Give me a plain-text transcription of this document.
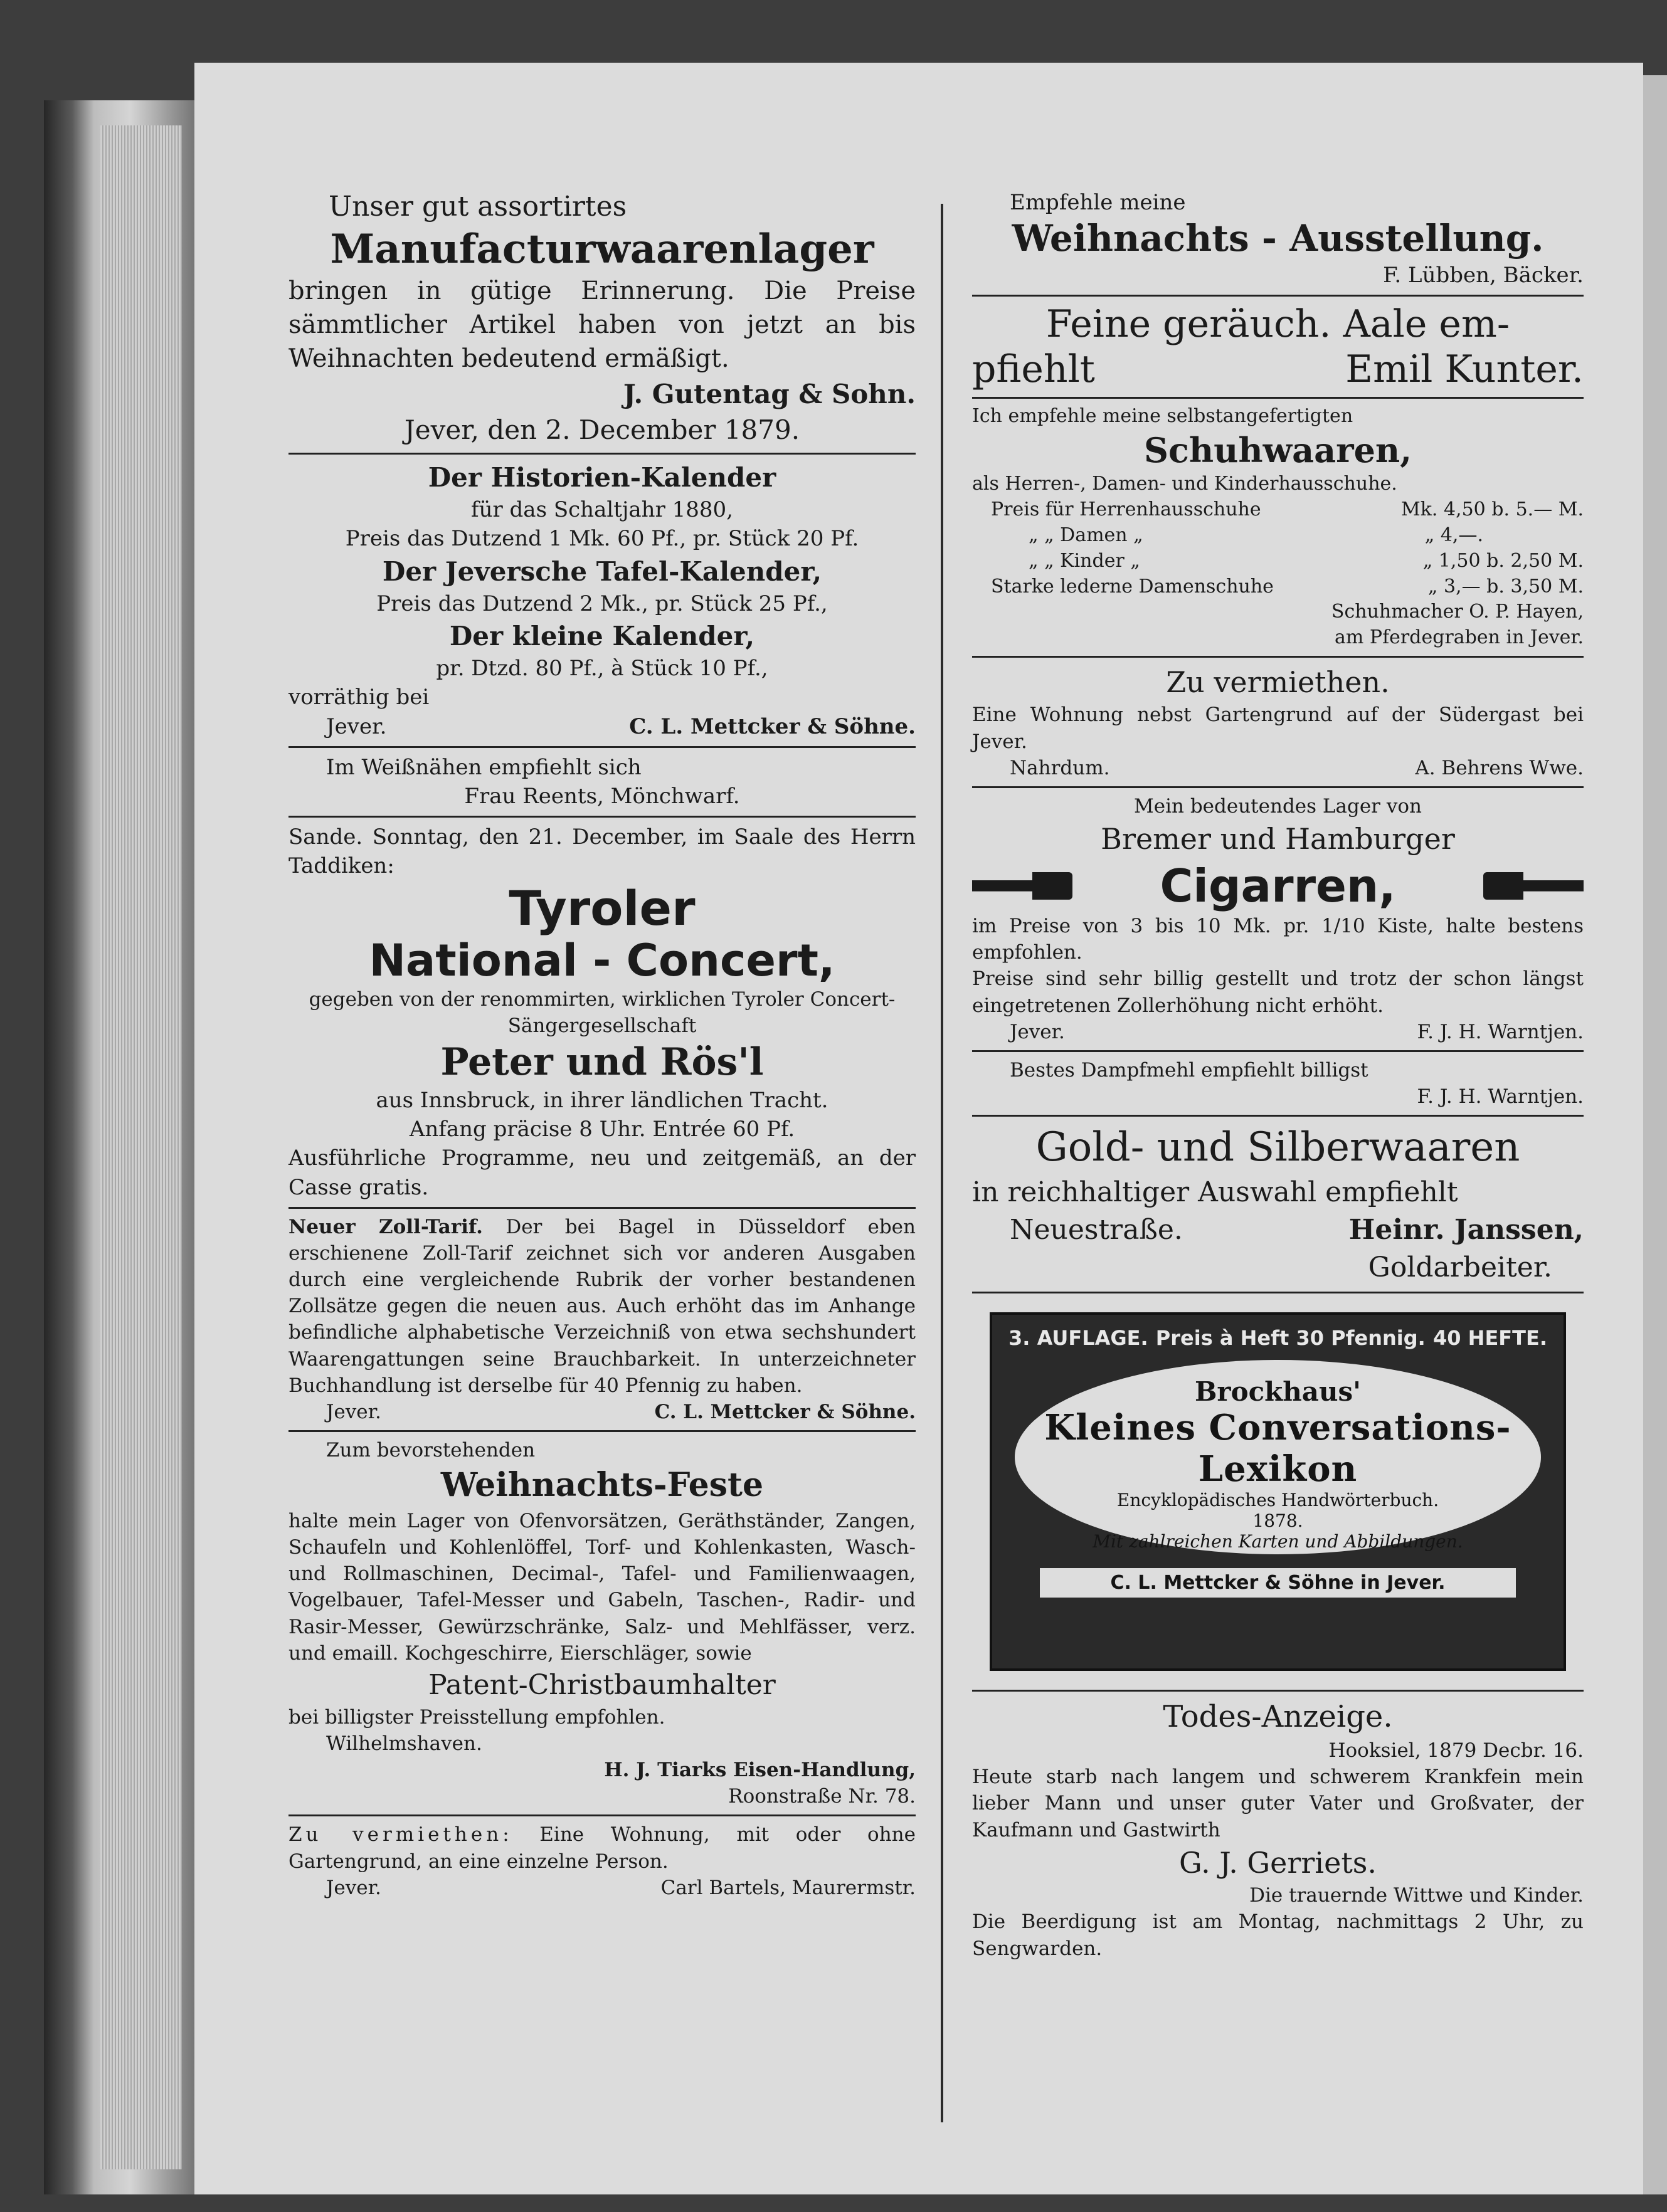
Unser gut assortirtes
Manufacturwaarenlager
bringen in gütige Erinnerung. Die Preise sämmtlicher Artikel haben von jetzt an bis Weihnachten bedeutend ermäßigt.
J. Gutentag & Sohn.
Jever, den 2. December 1879.
Der Historien-Kalender
für das Schaltjahr 1880,
Preis das Dutzend 1 Mk. 60 Pf., pr. Stück 20 Pf.
Der Jeversche Tafel-Kalender,
Preis das Dutzend 2 Mk., pr. Stück 25 Pf.,
Der kleine Kalender,
pr. Dtzd. 80 Pf., à Stück 10 Pf.,
vorräthig bei
Jever.	C. L. Mettcker & Söhne.
Im Weißnähen empfiehlt sich
Frau Reents, Mönchwarf.
Sande. Sonntag, den 21. December, im Saale des Herrn Taddiken:
Tyroler
National - Concert,
gegeben von der renommirten, wirklichen Tyroler Concert-Sängergesellschaft
Peter und Rös'l
aus Innsbruck, in ihrer ländlichen Tracht.
Anfang präcise 8 Uhr. Entrée 60 Pf.
Ausführliche Programme, neu und zeitgemäß, an der Casse gratis.
Neuer Zoll-Tarif. Der bei Bagel in Düsseldorf eben erschienene Zoll-Tarif zeichnet sich vor anderen Ausgaben durch eine vergleichende Rubrik der vorher bestandenen Zollsätze gegen die neuen aus. Auch erhöht das im Anhange befindliche alphabetische Verzeichniß von etwa sechshundert Waarengattungen seine Brauchbarkeit. In unterzeichneter Buchhandlung ist derselbe für 40 Pfennig zu haben.
Jever.	C. L. Mettcker & Söhne.
Zum bevorstehenden
Weihnachts-Feste
halte mein Lager von Ofenvorsätzen, Geräthständer, Zangen, Schaufeln und Kohlenlöffel, Torf- und Kohlenkasten, Wasch- und Rollmaschinen, Decimal-, Tafel- und Familienwaagen, Vogelbauer, Tafel-Messer und Gabeln, Taschen-, Radir- und Rasir-Messer, Gewürzschränke, Salz- und Mehlfässer, verz. und emaill. Kochgeschirre, Eierschläger, sowie
Patent-Christbaumhalter
bei billigster Preisstellung empfohlen.
Wilhelmshaven.
H. J. Tiarks Eisen-Handlung,
Roonstraße Nr. 78.
Zu vermiethen: Eine Wohnung, mit oder ohne Gartengrund, an eine einzelne Person.
Jever.	Carl Bartels, Maurermstr.
Empfehle meine
Weihnachts - Ausstellung.
F. Lübben, Bäcker.
Feine geräuch. Aale em-
pfiehlt	Emil Kunter.
Ich empfehle meine selbstangefertigten
Schuhwaaren,
als Herren-, Damen- und Kinderhausschuhe.
Preis für Herrenhausschuhe	Mk. 4,50 b. 5.— M.
„ „ Damen „	„ 4,—.
„ „ Kinder „	„ 1,50 b. 2,50 M.
Starke lederne Damenschuhe	„ 3,— b. 3,50 M.
Schuhmacher O. P. Hayen,
am Pferdegraben in Jever.
Zu vermiethen.
Eine Wohnung nebst Gartengrund auf der Südergast bei Jever.
Nahrdum.	A. Behrens Wwe.
Mein bedeutendes Lager von
Bremer und Hamburger
Cigarren,
im Preise von 3 bis 10 Mk. pr. 1/10 Kiste, halte bestens empfohlen.
Preise sind sehr billig gestellt und trotz der schon längst eingetretenen Zollerhöhung nicht erhöht.
Jever.	F. J. H. Warntjen.
Bestes Dampfmehl empfiehlt billigst
F. J. H. Warntjen.
Gold- und Silberwaaren
in reichhaltiger Auswahl empfiehlt
Neuestraße.	Heinr. Janssen,
Goldarbeiter.
3. AUFLAGE. Preis à Heft 30 Pfennig. 40 HEFTE.
Brockhaus'
Kleines Conversations-Lexikon
Encyklopädisches Handwörterbuch.
1878.
Mit zahlreichen Karten und Abbildungen.
C. L. Mettcker & Söhne in Jever.
Todes-Anzeige.
Hooksiel, 1879 Decbr. 16.
Heute starb nach langem und schwerem Krankfein mein lieber Mann und unser guter Vater und Großvater, der Kaufmann und Gastwirth
G. J. Gerriets.
Die trauernde Wittwe und Kinder.
Die Beerdigung ist am Montag, nachmittags 2 Uhr, zu Sengwarden.
